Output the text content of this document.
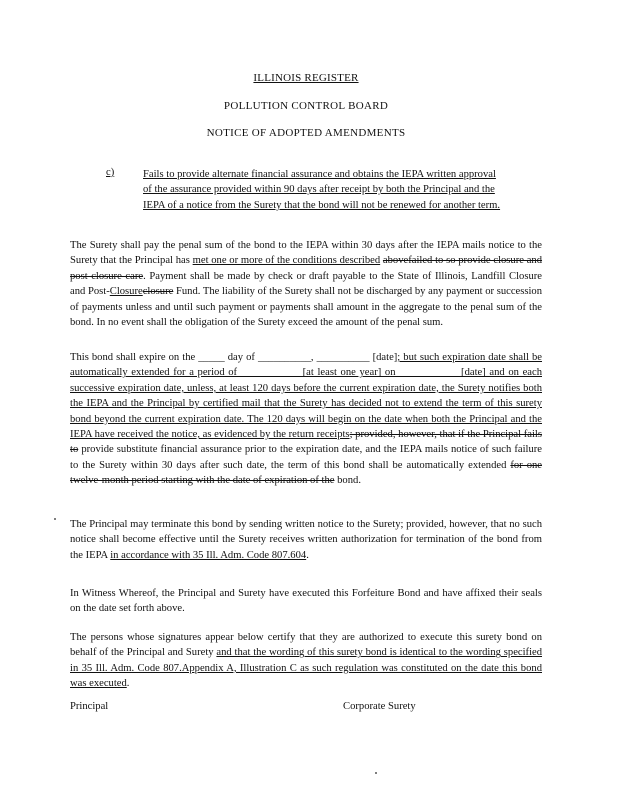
ILLINOIS REGISTER
POLLUTION CONTROL BOARD
NOTICE OF ADOPTED AMENDMENTS
c)	Fails to provide alternate financial assurance and obtains the IEPA written approval of the assurance provided within 90 days after receipt by both the Principal and the IEPA of a notice from the Surety that the bond will not be renewed for another term.
The Surety shall pay the penal sum of the bond to the IEPA within 30 days after the IEPA mails notice to the Surety that the Principal has met one or more of the conditions described abovefailed to so provide closure and post-closure care. Payment shall be made by check or draft payable to the State of Illinois, Landfill Closure and Post-Closureclosure Fund. The liability of the Surety shall not be discharged by any payment or succession of payments unless and until such payment or payments shall amount in the aggregate to the penal sum of the bond. In no event shall the obligation of the Surety exceed the amount of the penal sum.
This bond shall expire on the _____ day of __________, __________ [date]; but such expiration date shall be automatically extended for a period of ___________ [at least one year] on ___________ [date] and on each successive expiration date, unless, at least 120 days before the current expiration date, the Surety notifies both the IEPA and the Principal by certified mail that the Surety has decided not to extend the term of this surety bond beyond the current expiration date. The 120 days will begin on the date when both the Principal and the IEPA have received the notice, as evidenced by the return receipts; provided, however, that if the Principal fails to provide substitute financial assurance prior to the expiration date, and the IEPA mails notice of such failure to the Surety within 30 days after such date, the term of this bond shall be automatically extended for one twelve-month period starting with the date of expiration of the bond.
The Principal may terminate this bond by sending written notice to the Surety; provided, however, that no such notice shall become effective until the Surety receives written authorization for termination of the bond from the IEPA in accordance with 35 Ill. Adm. Code 807.604.
In Witness Whereof, the Principal and Surety have executed this Forfeiture Bond and have affixed their seals on the date set forth above.
The persons whose signatures appear below certify that they are authorized to execute this surety bond on behalf of the Principal and Surety and that the wording of this surety bond is identical to the wording specified in 35 Ill. Adm. Code 807.Appendix A, Illustration C as such regulation was constituted on the date this bond was executed.
Principal	Corporate Surety
